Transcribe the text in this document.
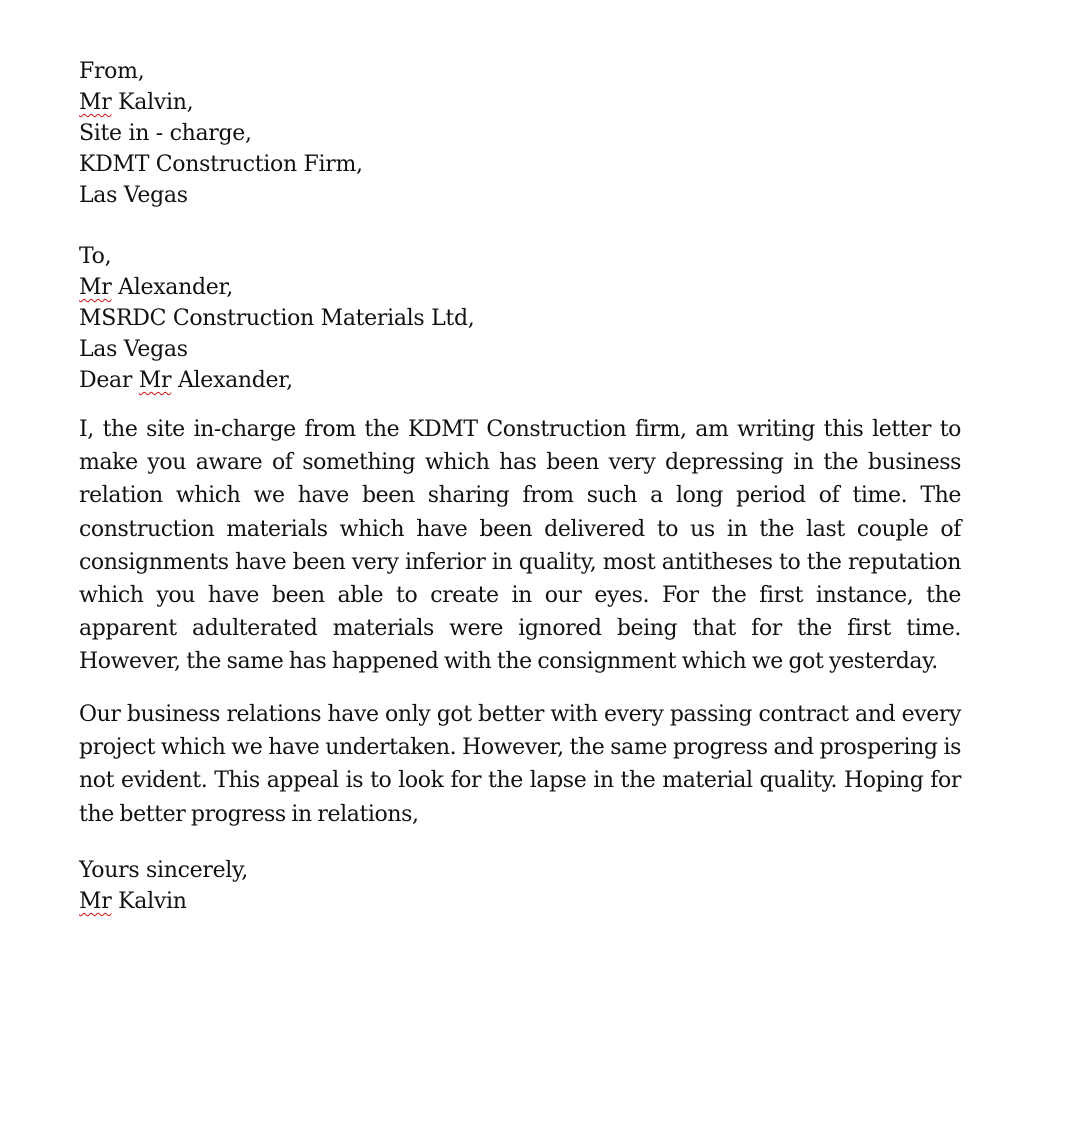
From,
Mr Kalvin,
Site in - charge,
KDMT Construction Firm,
Las Vegas
To,
Mr Alexander,
MSRDC Construction Materials Ltd,
Las Vegas
Dear Mr Alexander,

I, the site in-charge from the KDMT Construction firm, am writing this letter to make you aware of something which has been very depressing in the business relation which we have been sharing from such a long period of time. The construction materials which have been delivered to us in the last couple of consignments have been very inferior in quality, most antitheses to the reputation which you have been able to create in our eyes. For the first instance, the apparent adulterated materials were ignored being that for the first time. However, the same has happened with the consignment which we got yesterday.

Our business relations have only got better with every passing contract and every project which we have undertaken. However, the same progress and prospering is not evident. This appeal is to look for the lapse in the material quality. Hoping for the better progress in relations,

Yours sincerely,
Mr Kalvin
